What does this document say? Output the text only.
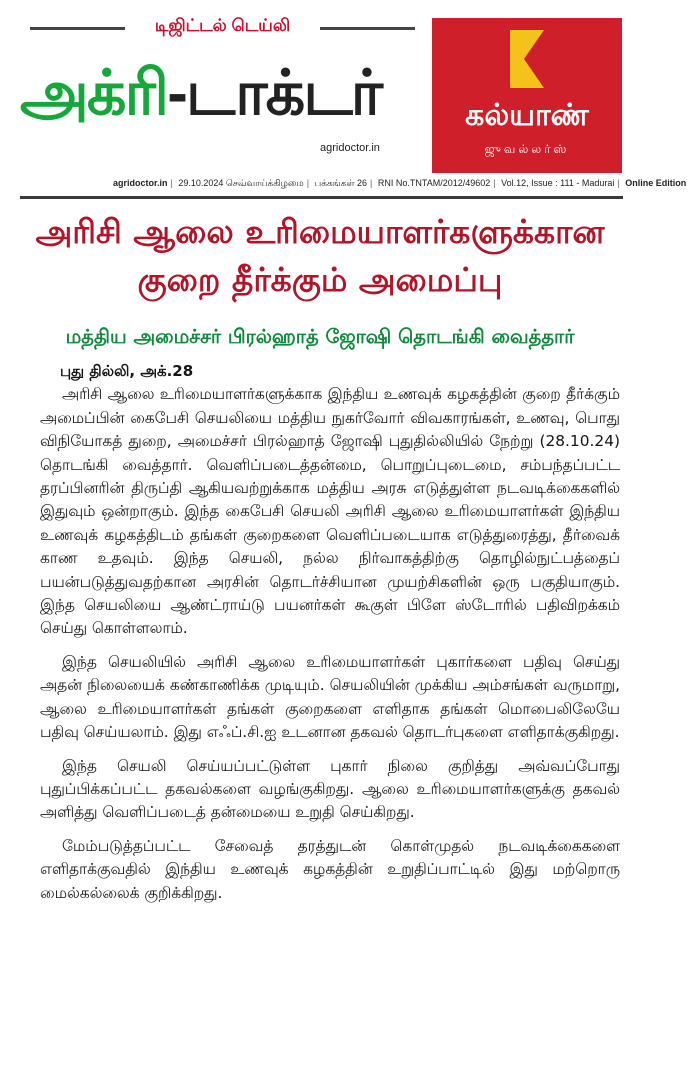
டிஜிட்டல் டெய்லி
அக்ரி-டாக்டர்
agridoctor.in
கல்யாண்
ஜுவல்லர்ஸ்
agridoctor.in | 29.10.2024 செவ்வாய்க்கிழமை | பக்கங்கள் 26 | RNI No.TNTAM/2012/49602 | Vol.12, Issue : 111 - Madurai | Online Edition
அரிசி ஆலை உரிமையாளர்களுக்கான
குறை தீர்க்கும் அமைப்பு
மத்திய அமைச்சர் பிரல்ஹாத் ஜோஷி தொடங்கி வைத்தார்
புது தில்லி, அக்.28

அரிசி ஆலை உரிமையாளர்களுக்காக இந்திய உணவுக் கழகத்தின் குறை தீர்க்கும் அமைப்பின் கைபேசி செயலியை மத்திய நுகர்வோர் விவகாரங்கள், உணவு, பொது விநியோகத் துறை, அமைச்சர் பிரல்ஹாத் ஜோஷி புதுதில்லியில் நேற்று (28.10.24) தொடங்கி வைத்தார். வெளிப்படைத்தன்மை, பொறுப்புடைமை, சம்பந்தப்பட்ட தரப்பினரின் திருப்தி ஆகியவற்றுக்காக மத்திய அரசு எடுத்துள்ள நடவடிக்கைகளில் இதுவும் ஒன்றாகும். இந்த கைபேசி செயலி அரிசி ஆலை உரிமையாளர்கள் இந்திய உணவுக் கழகத்திடம் தங்கள் குறைகளை வெளிப்படையாக எடுத்துரைத்து, தீர்வைக் காண உதவும். இந்த செயலி, நல்ல நிர்வாகத்திற்கு தொழில்நுட்பத்தைப் பயன்படுத்துவதற்கான அரசின் தொடர்ச்சியான முயற்சிகளின் ஒரு பகுதியாகும். இந்த செயலியை ஆண்ட்ராய்டு பயனர்கள் கூகுள் பிளே ஸ்டோரில் பதிவிறக்கம் செய்து கொள்ளலாம்.

இந்த செயலியில் அரிசி ஆலை உரிமையாளர்கள் புகார்களை பதிவு செய்து அதன் நிலையைக் கண்காணிக்க முடியும். செயலியின் முக்கிய அம்சங்கள் வருமாறு, ஆலை உரிமையாளர்கள் தங்கள் குறைகளை எளிதாக தங்கள் மொபைலிலேயே பதிவு செய்யலாம். இது எஃப்.சி.ஐ உடனான தகவல் தொடர்புகளை எளிதாக்குகிறது.

இந்த செயலி செய்யப்பட்டுள்ள புகார் நிலை குறித்து அவ்வப்போது புதுப்பிக்கப்பட்ட தகவல்களை வழங்குகிறது. ஆலை உரிமையாளர்களுக்கு தகவல் அளித்து வெளிப்படைத் தன்மையை உறுதி செய்கிறது.

மேம்படுத்தப்பட்ட சேவைத் தரத்துடன் கொள்முதல் நடவடிக்கைகளை எளிதாக்குவதில் இந்திய உணவுக் கழகத்தின் உறுதிப்பாட்டில் இது மற்றொரு மைல்கல்லைக் குறிக்கிறது.
